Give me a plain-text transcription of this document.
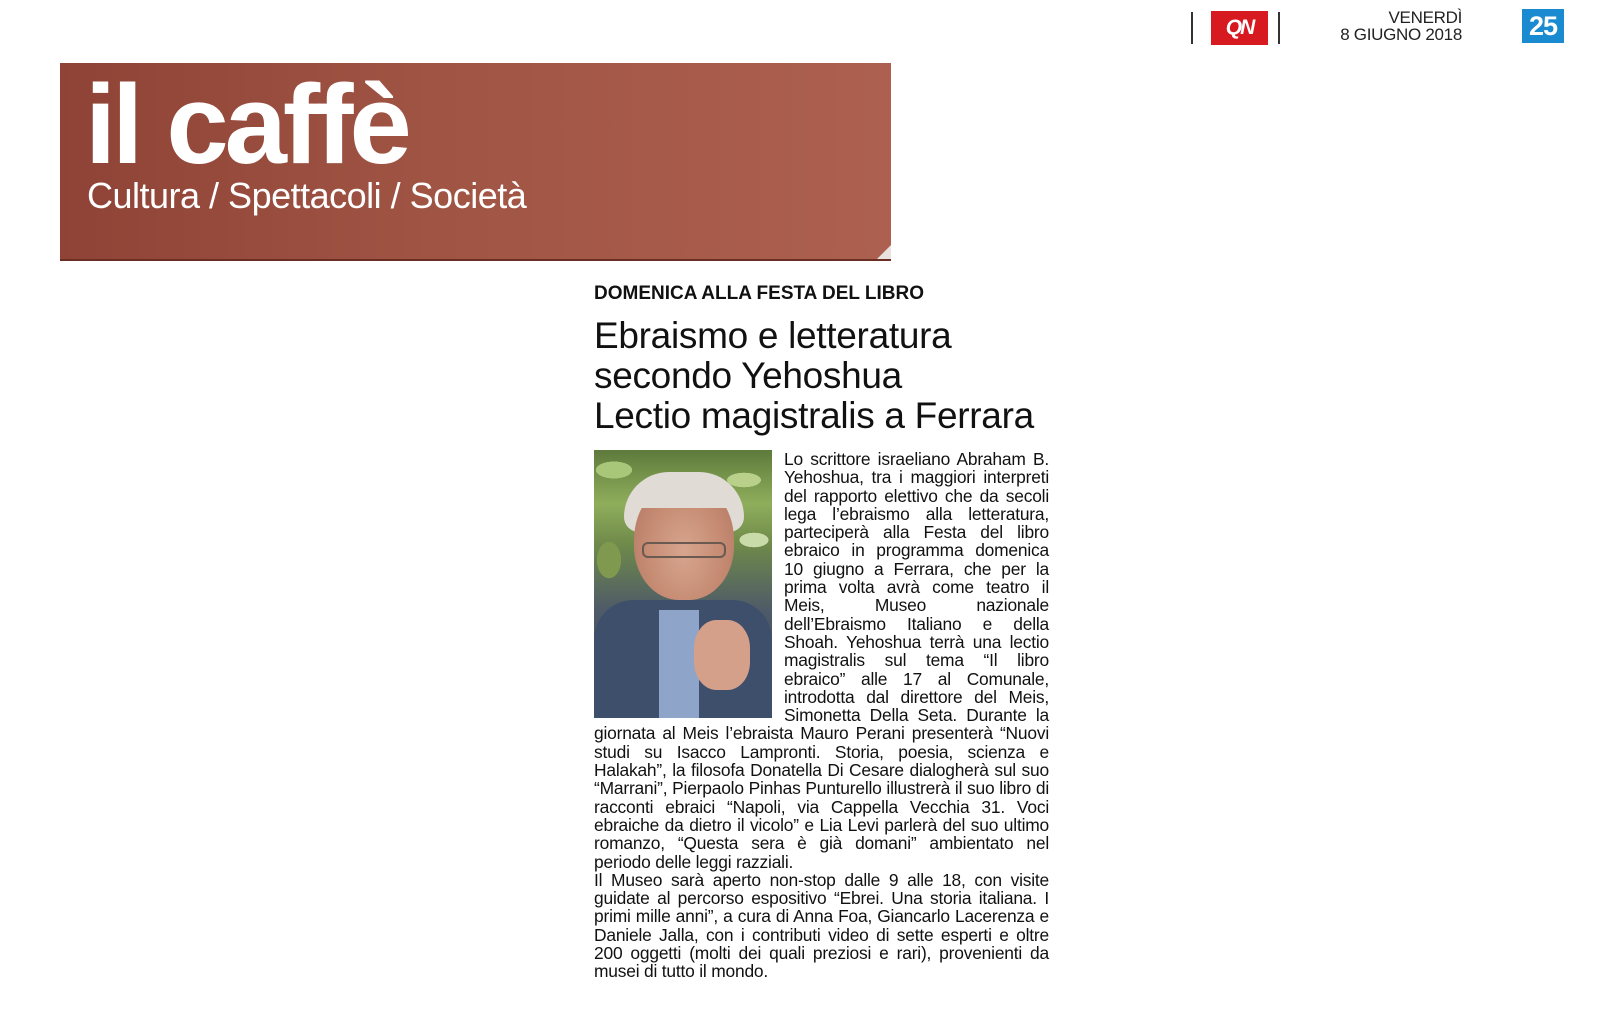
QN	VENERDÌ
8 GIUGNO 2018 25
il caffè
Cultura / Spettacoli / Società
DOMENICA ALLA FESTA DEL LIBRO
Ebraismo e letteratura
secondo Yehoshua
Lectio magistralis a Ferrara

Lo scrittore israeliano Abraham B. Yehoshua, tra i maggiori interpreti del rapporto elettivo che da secoli lega l’ebraismo alla letteratura, parteciperà alla Festa del libro ebraico in programma domenica 10 giugno a Ferrara, che per la prima volta avrà come teatro il Meis, Museo nazionale dell’Ebraismo Italiano e della Shoah. Yehoshua terrà una lectio magistralis sul tema “Il libro ebraico” alle 17 al Comunale, introdotta dal direttore del Meis, Simonetta Della Seta. Durante la giornata al Meis l’ebraista Mauro Perani presenterà “Nuovi studi su Isacco Lampronti. Storia, poesia, scienza e Halakah”, la filosofa Donatella Di Cesare dialogherà sul suo “Marrani”, Pierpaolo Pinhas Punturello illustrerà il suo libro di racconti ebraici “Napoli, via Cappella Vecchia 31. Voci ebraiche da dietro il vicolo” e Lia Levi parlerà del suo ultimo romanzo, “Questa sera è già domani” ambientato nel periodo delle leggi razziali.

Il Museo sarà aperto non-stop dalle 9 alle 18, con visite guidate al percorso espositivo “Ebrei. Una storia italiana. I primi mille anni”, a cura di Anna Foa, Giancarlo Lacerenza e Daniele Jalla, con i contributi video di sette esperti e oltre 200 oggetti (molti dei quali preziosi e rari), provenienti da musei di tutto il mondo.
